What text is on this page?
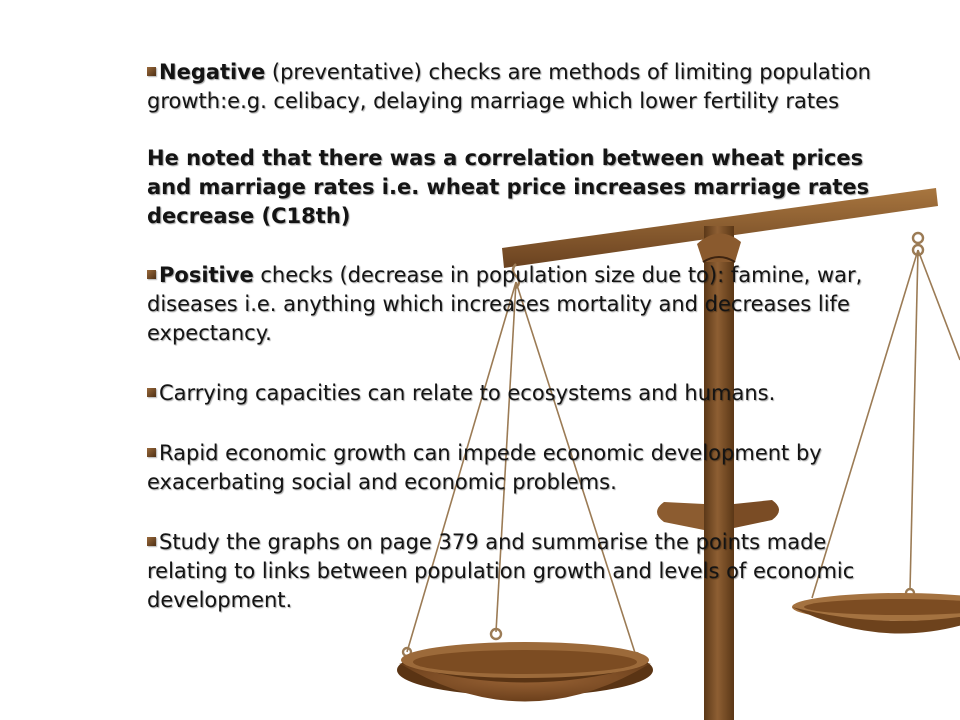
Negative (preventative) checks are methods of limiting population growth:e.g. celibacy, delaying marriage which lower fertility rates

He noted that there was a correlation between wheat prices and marriage rates i.e. wheat price increases marriage rates decrease (C18th)

Positive checks (decrease in population size due to): famine, war, diseases i.e. anything which increases mortality and decreases life expectancy.

Carrying capacities can relate to ecosystems and humans.

Rapid economic growth can impede economic development by exacerbating social and economic problems.

Study the graphs on page 379 and summarise the points made relating to links between population growth and levels of economic development.
